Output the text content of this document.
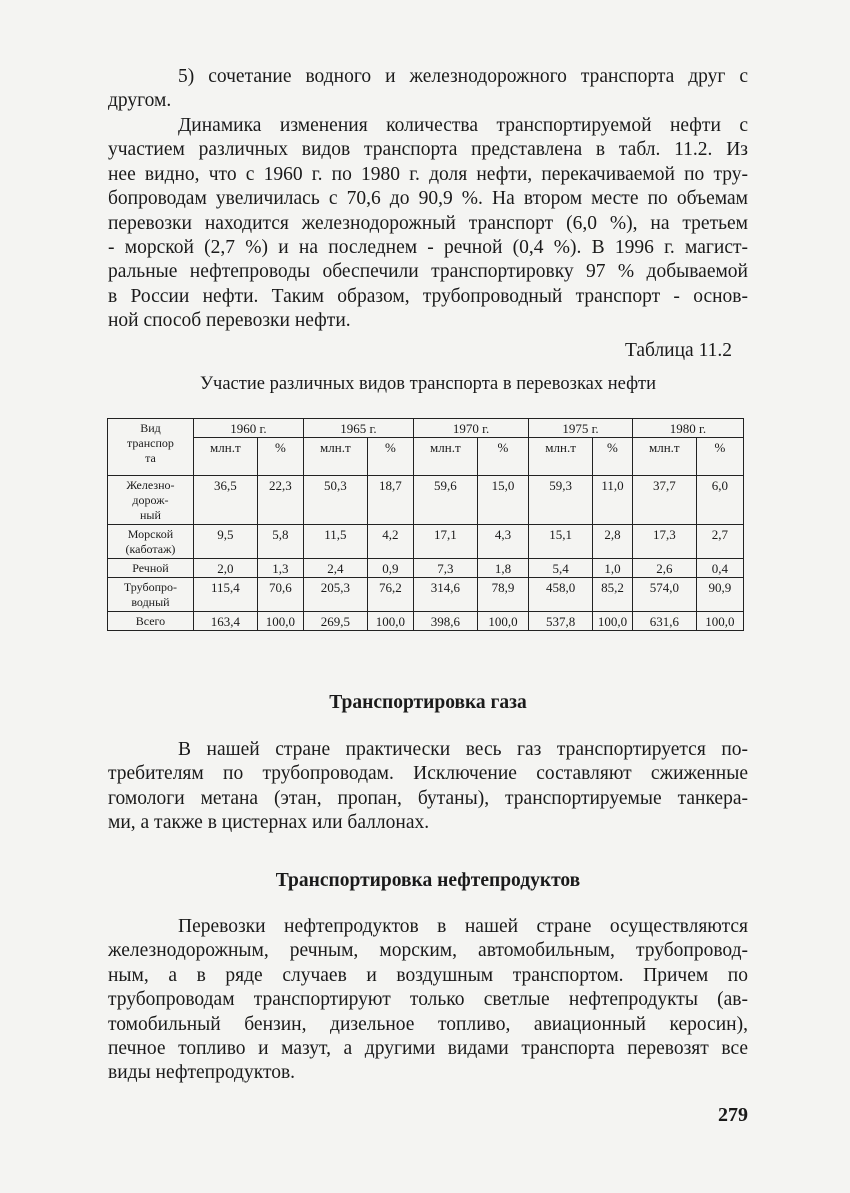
5) сочетание водного и железнодорожного транспорта друг с
другом.

Динамика изменения количества транспортируемой нефти с
участием различных видов транспорта представлена в табл. 11.2. Из
нее видно, что с 1960 г. по 1980 г. доля нефти, перекачиваемой по тру-
бопроводам увеличилась с 70,6 до 90,9 %. На втором месте по объемам
перевозки находится железнодорожный транспорт (6,0 %), на третьем
- морской (2,7 %) и на последнем - речной (0,4 %). В 1996 г. магист-
ральные нефтепроводы обеспечили транспортировку 97 % добываемой
в России нефти. Таким образом, трубопроводный транспорт - основ-
ной способ перевозки нефти.

Таблица 11.2
Участие различных видов транспорта в перевозках нефти
Вид
транспор
та	1960 г.		1965 г.		1970 г.		1975 г.		1980 г.	
	млн.т	%	млн.т	%	млн.т	%	млн.т	%	млн.т	%
Железно-
дорож-
ный	36,5	22,3	50,3	18,7	59,6	15,0	59,3	11,0	37,7	6,0
Морской
(каботаж)	9,5	5,8	11,5	4,2	17,1	4,3	15,1	2,8	17,3	2,7
Речной	2,0	1,3	2,4	0,9	7,3	1,8	5,4	1,0	2,6	0,4
Трубопро-
водный	115,4	70,6	205,3	76,2	314,6	78,9	458,0	85,2	574,0	90,9
Всего	163,4	100,0	269,5	100,0	398,6	100,0	537,8	100,0	631,6	100,0
Транспортировка газа

В нашей стране практически весь газ транспортируется по-
требителям по трубопроводам. Исключение составляют сжиженные
гомологи метана (этан, пропан, бутаны), транспортируемые танкера-
ми, а также в цистернах или баллонах.

Транспортировка нефтепродуктов

Перевозки нефтепродуктов в нашей стране осуществляются
железнодорожным, речным, морским, автомобильным, трубопровод-
ным, а в ряде случаев и воздушным транспортом. Причем по
трубопроводам транспортируют только светлые нефтепродукты (ав-
томобильный бензин, дизельное топливо, авиационный керосин),
печное топливо и мазут, а другими видами транспорта перевозят все
виды нефтепродуктов.

279
